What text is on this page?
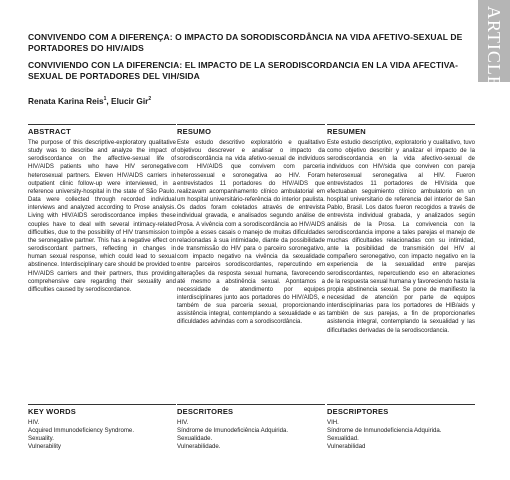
ARTICLE
CONVIVENDO COM A DIFERENÇA: O IMPACTO DA SORODISCORDÂNCIA NA VIDA AFETIVO-SEXUAL DE PORTADORES DO HIV/AIDS
CONVIVIENDO CON LA DIFERENCIA: EL IMPACTO DE LA SERODISCORDANCIA EN LA VIDA AFECTIVA-SEXUAL DE PORTADORES DEL VIH/SIDA
Renata Karina Reis$^1$, Elucir Gir$^2$
ABSTRACT
The purpose of this descriptive-exploratory qualitative study was to describe and analyze the impact of serodiscordance on the affective-sexual life of HIV/AIDS patients who have HIV seronegative heterosexual partners. Eleven HIV/AIDS carriers in outpatient clinic follow-up were interviewed, in a reference university-hospital in the state of São Paulo. Data were collected through recorded individual interviews and analyzed according to Prose analysis. Living with HIV/AIDS serodiscordance implies these couples have to deal with several intimacy-related difficulties, due to the possibility of HIV transmission to the seronegative partner. This has a negative effect on serodiscordant partners, reflecting in changes in human sexual response, which could lead to sexual abstinence. Interdisciplinary care should be provided to HIV/AIDS carriers and their partners, thus providing comprehensive care regarding their sexuality and difficulties caused by serodiscordance.
RESUMO
Este estudo descritivo exploratório e qualitativo objetivou descrever e analisar o impacto da sorodiscordância na vida afetivo-sexual de indivíduos com HIV/AIDS que convivem com parceria heterossexual e soronegativa ao HIV. Foram entrevistados 11 portadores do HIV/AIDS que realizavam acompanhamento clínico ambulatorial em um hospital universitário-referência do interior paulista. Os dados foram coletados através de entrevista individual gravada, e analisados segundo análise de Prosa. A vivência com a sorodiscordância ao HIV/AIDS impõe a esses casais o manejo de muitas dificuldades relacionadas à sua intimidade, diante da possibilidade de transmissão do HIV para o parceiro soronegativo, com impacto negativo na vivência da sexualidade entre parceiros sorodiscordantes, repercutindo em alterações da resposta sexual humana, favorecendo até mesmo a abstinência sexual. Apontamos a necessidade de atendimento por equipes interdisciplinares junto aos portadores do HIV/AIDS, e também de sua parceria sexual, proporcionando assistência integral, contemplando a sexualidade e as dificuldades advindas com a sorodiscordância.
RESUMEN
Este estudio descriptivo, exploratorio y cualitativo, tuvo como objetivo describir y analizar el impacto de la serodiscordancia en la vida afectivo-sexual de individuos con HIV/sida que conviven con pareja heterosexual seronegativa al HIV. Fueron entrevistados 11 portadores de HIV/sida que efectuaban seguimiento clínico ambulatorio en un hospital universitario de referencia del interior de San Pablo, Brasil. Los datos fueron recogidos a través de entrevista individual grabada, y analizados según análisis de la Prosa. La convivencia con la serodiscordancia impone a tales parejas el manejo de muchas dificultades relacionadas con su intimidad, ante la posibilidad de transmisión del HIV al compañero seronegativo, con impacto negativo en la experiencia de la sexualidad entre parejas serodiscordantes, repercutiendo eso en alteraciones de la respuesta sexual humana y favoreciendo hasta la propia abstinencia sexual. Se pone de manifiesto la necesidad de atención por parte de equipos interdisciplinarias para los portadores de HIB/aids y también de sus parejas, a fin de proporcionarles asistencia integral, contemplando la sexualidad y las dificultades derivadas de la serodiscordancia.
KEY WORDS
HIV.
Acquired Immunodeficiency Syndrome.
Sexuality.
Vulnerability
DESCRITORES
HIV.
Síndrome de Imunodeficiência Adquirida.
Sexualidade.
Vulnerabilidade.
DESCRIPTORES
VIH.
Síndrome de Inmunodeficiencia Adquirida.
Sexualidad.
Vulnerabilidad
